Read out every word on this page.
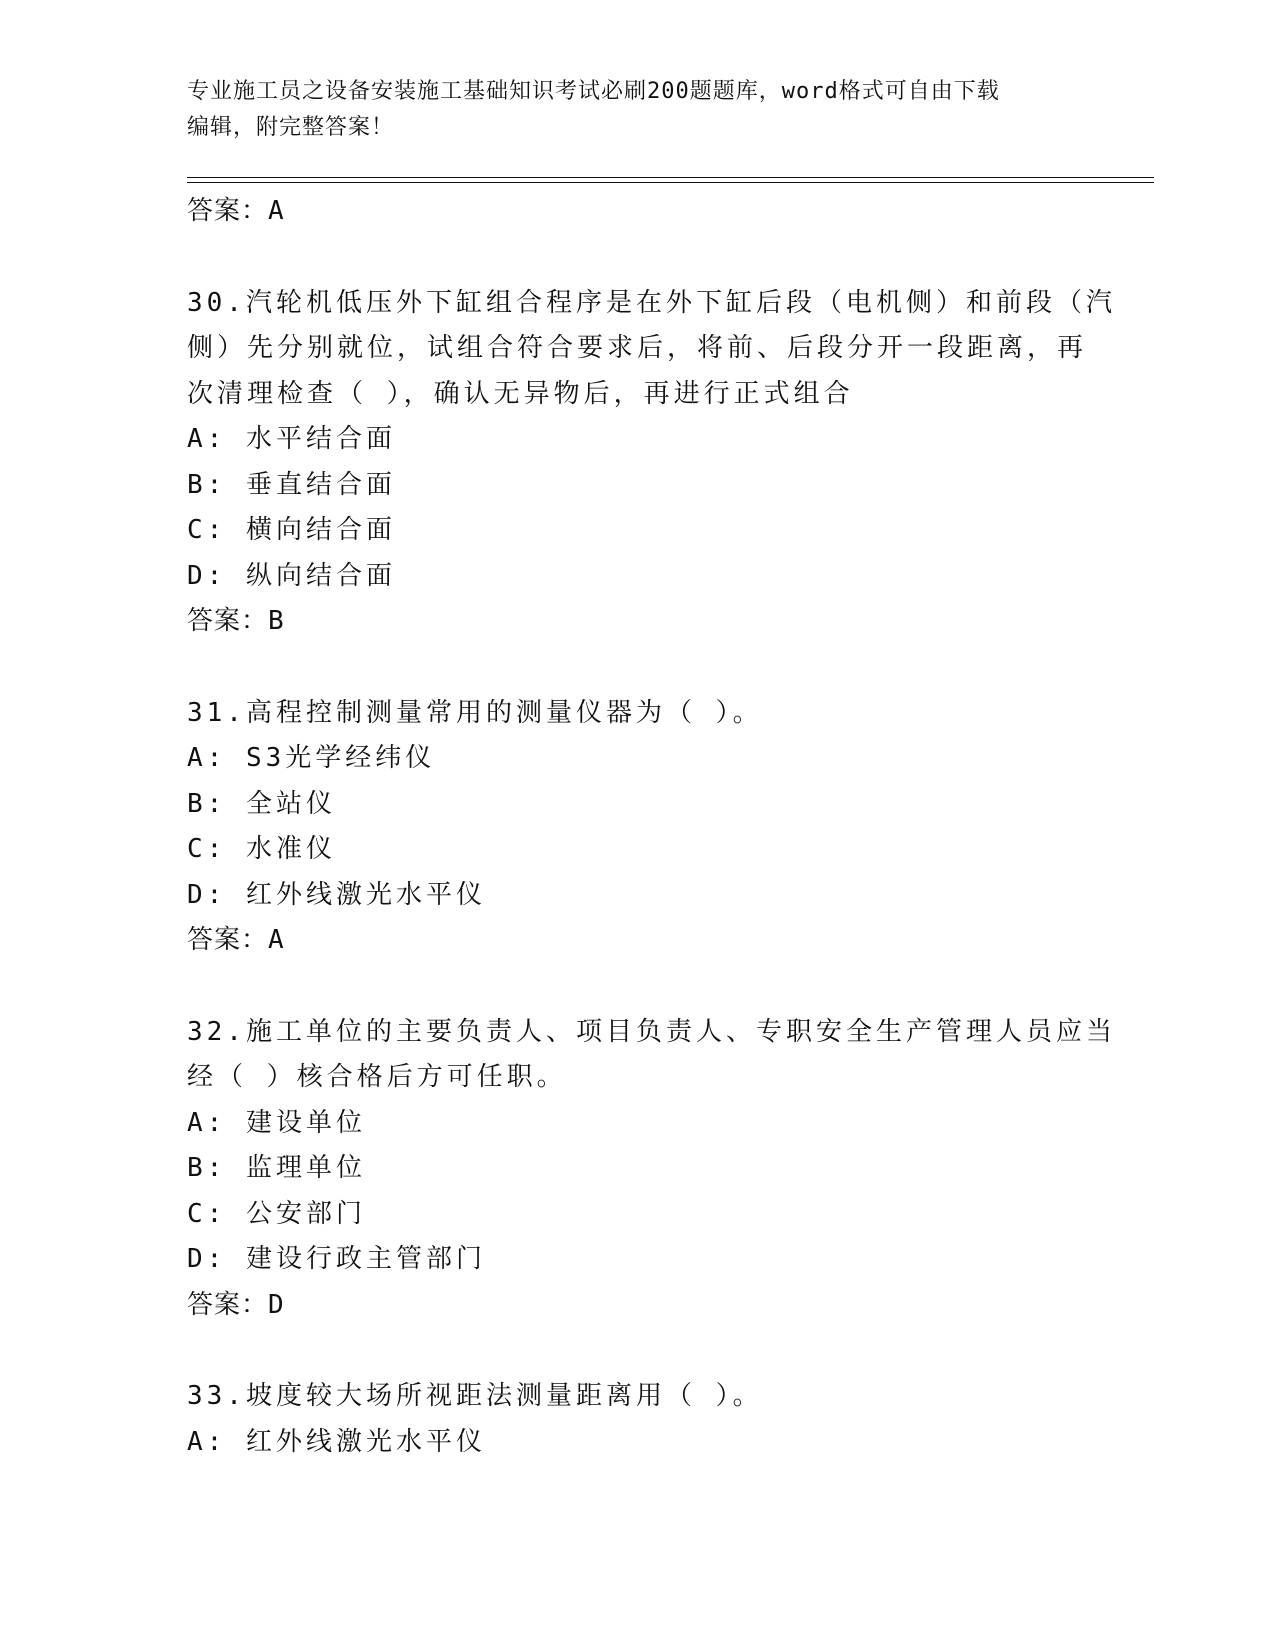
专业施工员之设备安装施工基础知识考试必刷200题题库，word格式可自由下载
编辑，附完整答案！
答案：A
30.汽轮机低压外下缸组合程序是在外下缸后段（电机侧）和前段（汽
侧）先分别就位，试组合符合要求后，将前、后段分开一段距离，再
次清理检查（ ），确认无异物后，再进行正式组合
A: 水平结合面
B: 垂直结合面
C: 横向结合面
D: 纵向结合面
答案：B
31.高程控制测量常用的测量仪器为（ ）。
A: S3光学经纬仪
B: 全站仪
C: 水准仪
D: 红外线激光水平仪
答案：A
32.施工单位的主要负责人、项目负责人、专职安全生产管理人员应当
经（ ）核合格后方可任职。
A: 建设单位
B: 监理单位
C: 公安部门
D: 建设行政主管部门
答案：D
33.坡度较大场所视距法测量距离用（ ）。
A: 红外线激光水平仪
